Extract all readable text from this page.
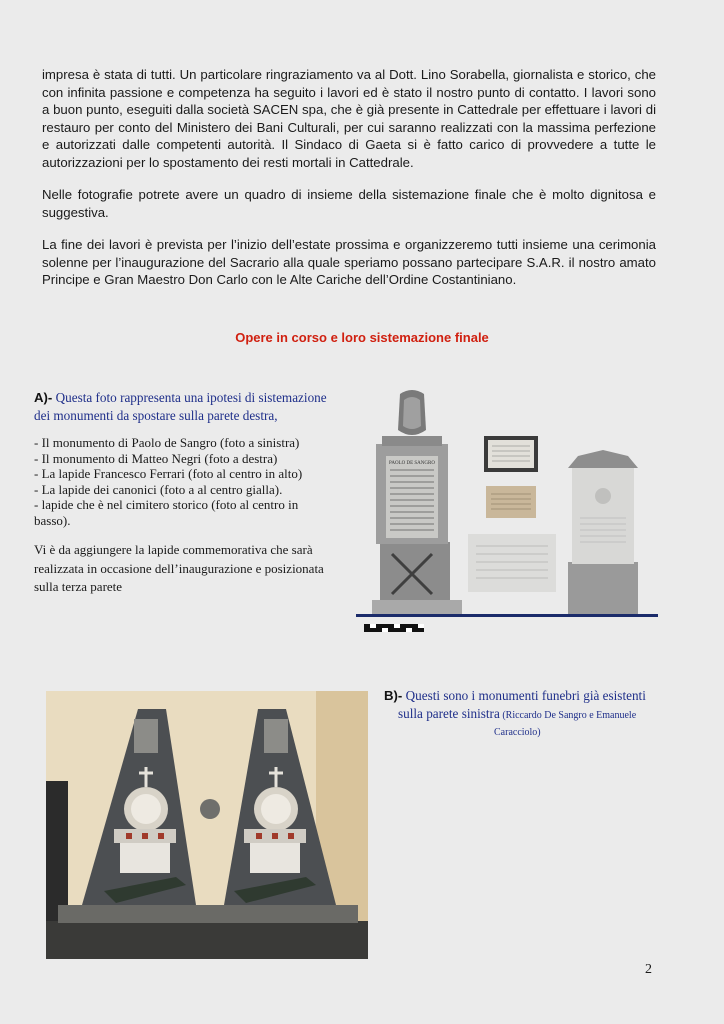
impresa è stata di tutti. Un particolare ringraziamento va al Dott. Lino Sorabella, giornalista e storico, che con infinita passione e competenza ha seguito i lavori ed è stato il nostro punto di contatto. I lavori sono a buon punto, eseguiti dalla società SACEN spa, che è già presente in Cattedrale per effettuare i lavori di restauro per conto del Ministero dei Bani Culturali, per cui saranno realizzati con la massima perfezione e autorizzati dalle competenti autorità. Il Sindaco di Gaeta si è fatto carico di provvedere a tutte le autorizzazioni per lo spostamento dei resti mortali in Cattedrale.

Nelle fotografie potrete avere un quadro di insieme della sistemazione finale che è molto dignitosa e suggestiva.

La fine dei lavori è prevista per l’inizio dell’estate prossima e organizzeremo tutti insieme una cerimonia solenne per l’inaugurazione del Sacrario alla quale speriamo possano partecipare S.A.R. il nostro amato Principe e Gran Maestro Don Carlo con le Alte Cariche dell’Ordine Costantiniano.

Opere in corso e loro sistemazione finale
A)- Questa foto rappresenta una ipotesi di sistemazione dei monumenti da spostare sulla parete destra,
- Il monumento di Paolo de Sangro (foto a sinistra)
- Il monumento di Matteo Negri (foto a destra)
- La lapide Francesco Ferrari (foto al centro in alto)
- La lapide dei canonici (foto a al centro gialla).
- lapide che è nel cimitero storico (foto al centro in basso).
Vi è da aggiungere la lapide commemorativa che sarà realizzata in occasione dell’inaugurazione e posizionata sulla terza parete
PAOLO DE SANGRO
B)- Questi sono i monumenti funebri già esistenti
sulla parete sinistra (Riccardo De Sangro e Emanuele
Caracciolo)
2
